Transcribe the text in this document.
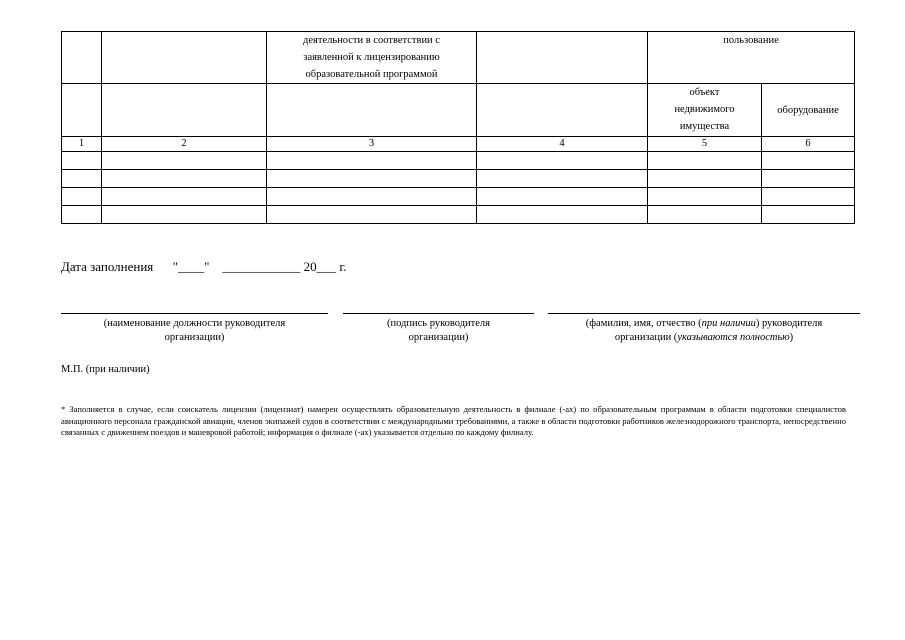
		деятельности в соответствии с заявленной к лицензированию образовательной программой		пользование	
				объект недвижимого имущества	оборудование
1	2	3	4	5	6

Дата заполнения      "____"    ____________ 20___ г.
(наименование должности руководителя
организации)
(подпись руководителя
организации)
(фамилия, имя, отчество (при наличии) руководителя
организации (указываются полностью)
М.П. (при наличии)
* Заполняется в случае, если соискатель лицензии (лицензиат) намерен осуществлять образовательную деятельность в филиале (-ах) по образовательным программам в области подготовки специалистов авиационного персонала гражданской авиации, членов экипажей судов в соответствии с международными требованиями, а также в области подготовки работников железнодорожного транспорта, непосредственно связанных с движением поездов и маневровой работой; информация о филиале (-ах) указывается отдельно по каждому филиалу.
